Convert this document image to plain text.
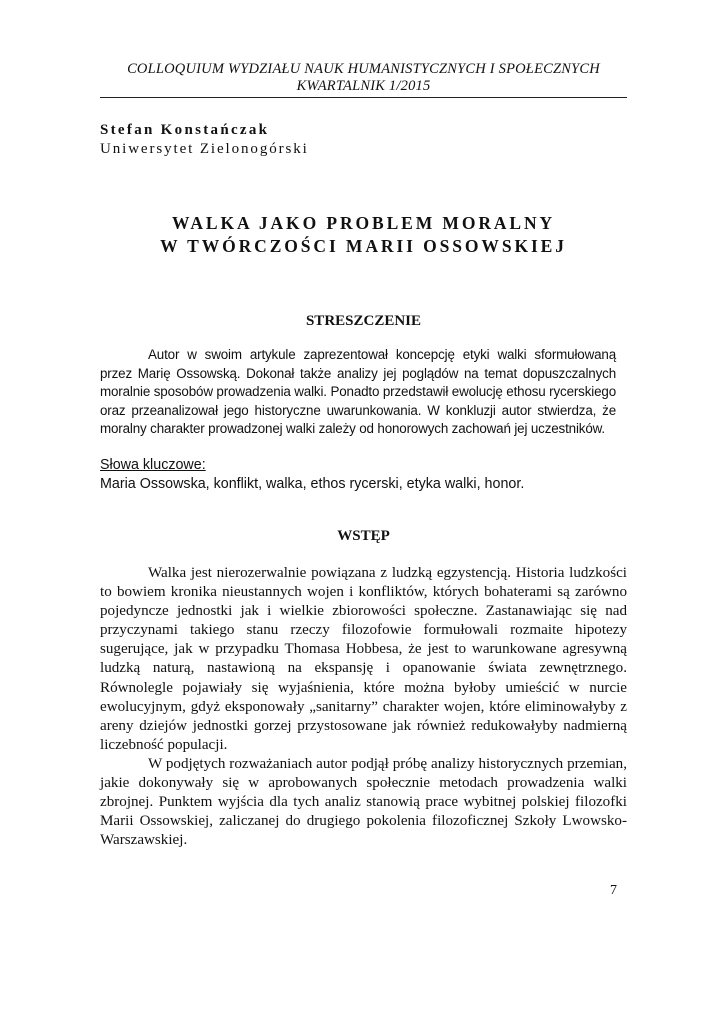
COLLOQUIUM WYDZIAŁU NAUK HUMANISTYCZNYCH I SPOŁECZNYCH
KWARTALNIK 1/2015
Stefan Konstańczak
Uniwersytet Zielonogórski
WALKA JAKO PROBLEM MORALNY
W TWÓRCZOŚCI MARII OSSOWSKIEJ
STRESZCZENIE
Autor w swoim artykule zaprezentował koncepcję etyki walki sformułowaną przez Marię Ossowską. Dokonał także analizy jej poglądów na temat dopuszczalnych moralnie sposobów prowadzenia walki. Ponadto przedstawił ewolucję ethosu rycerskiego oraz przeanalizował jego historyczne uwarunkowania. W konkluzji autor stwierdza, że moralny charakter prowadzonej walki zależy od honorowych zachowań jej uczestników.
Słowa kluczowe:
Maria Ossowska, konflikt, walka, ethos rycerski, etyka walki, honor.
WSTĘP

Walka jest nierozerwalnie powiązana z ludzką egzystencją. Historia ludzkości to bowiem kronika nieustannych wojen i konfliktów, których bohaterami są zarówno pojedyncze jednostki jak i wielkie zbiorowości społeczne. Zastanawiając się nad przyczynami takiego stanu rzeczy filozofowie formułowali rozmaite hipotezy sugerujące, jak w przypadku Thomasa Hobbesa, że jest to warunkowane agresywną ludzką naturą, nastawioną na ekspansję i opanowanie świata zewnętrznego. Równolegle pojawiały się wyjaśnienia, które można byłoby umieścić w nurcie ewolucyjnym, gdyż eksponowały „sanitarny” charakter wojen, które eliminowałyby z areny dziejów jednostki gorzej przystosowane jak również redukowałyby nadmierną liczebność populacji.

W podjętych rozważaniach autor podjął próbę analizy historycznych przemian, jakie dokonywały się w aprobowanych społecznie metodach prowadzenia walki zbrojnej. Punktem wyjścia dla tych analiz stanowią prace wybitnej polskiej filozofki Marii Ossowskiej, zaliczanej do drugiego pokolenia filozoficznej Szkoły Lwowsko-Warszawskiej.

7
